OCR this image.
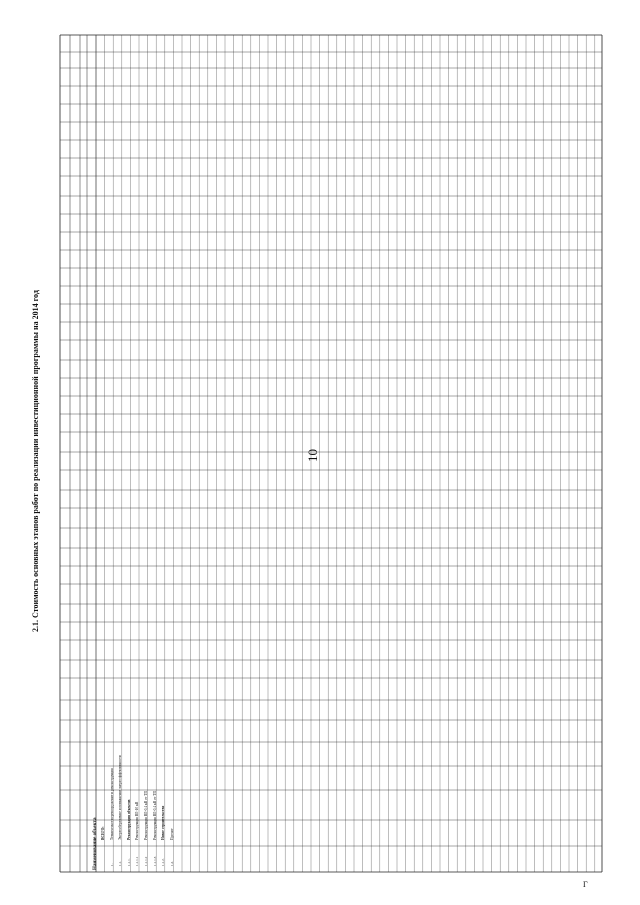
10
2.1. Стоимость основных этапов работ по реализации инвестиционной программы на 2014 год
Наименование объекта ВСЕГО: Техническое перевооружение и реконструкция
1.
Энергосбережение и повышение энергоэффективности
1.1.
Реконструкция объектов
1.1.1.
Реконструкция ВЛ-10 кВ
1.1.1.1
Реконструкция ВЛ-0,4 кВ от ТП
1.1.1.2
Реконструкция ВЛ-0,4 кВ от ТП
1.1.1.3
Новое строительство
1.1.2.
Прочие
1.2.
Г
